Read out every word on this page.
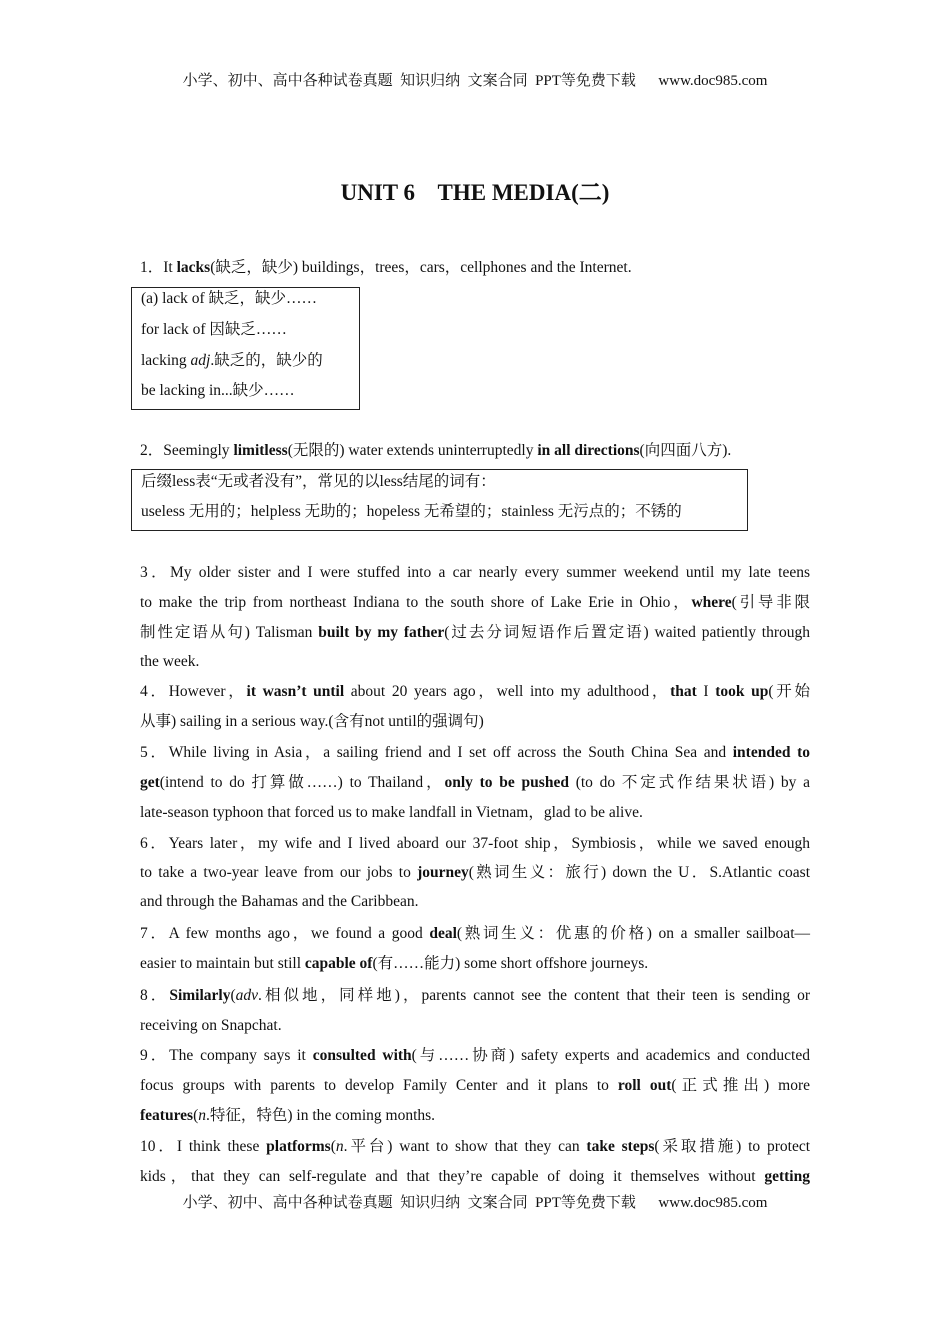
小学、初中、高中各种试卷真题  知识归纳  文案合同  PPT等免费下载      www.doc985.com
UNIT 6    THE MEDIA(二)
1．It lacks(缺乏，缺少) buildings，trees，cars，cellphones and the Internet.
(a) lack of 缺乏，缺少……
for lack of 因缺乏……
lacking adj.缺乏的，缺少的
be lacking in...缺少……
2．Seemingly limitless(无限的) water extends uninterruptedly in all directions(向四面八方).
后缀less表“无或者没有”，常见的以less结尾的词有：
useless 无用的；helpless 无助的；hopeless 无希望的；stainless 无污点的；不锈的
3．My older sister and I were stuffed into a car nearly every summer weekend until my late teens
to make the trip from northeast Indiana to the south shore of Lake Erie in Ohio，where(引导非限
制性定语从句) Talisman built by my father(过去分词短语作后置定语) waited patiently through
the week.
4．However，it wasn’t until about 20 years ago，well into my adulthood，that I took up(开始
从事) sailing in a serious way.(含有not until的强调句)
5．While living in Asia，a sailing friend and I set off across the South China Sea and intended to
get(intend to do 打算做……) to Thailand，only to be pushed (to do 不定式作结果状语) by a
late-season typhoon that forced us to make landfall in Vietnam，glad to be alive.
6．Years later，my wife and I lived aboard our 37-foot ship，Symbiosis，while we saved enough
to take a two-year leave from our jobs to journey(熟词生义：旅行) down the U．S.Atlantic coast
and through the Bahamas and the Caribbean.
7．A few months ago，we found a good deal(熟词生义：优惠的价格) on a smaller sailboat—
easier to maintain but still capable of(有……能力) some short offshore journeys.
8．Similarly(adv.相似地，同样地)，parents cannot see the content that their teen is sending or
receiving on Snapchat.
9．The company says it consulted with(与……协商) safety experts and academics and conducted
focus groups with parents to develop Family Center and it plans to roll out(正式推出) more
features(n.特征，特色) in the coming months.
10．I think these platforms(n.平台) want to show that they can take steps(采取措施) to protect
kids，that they can self-regulate and that they’re capable of doing it themselves without getting
小学、初中、高中各种试卷真题  知识归纳  文案合同  PPT等免费下载      www.doc985.com
